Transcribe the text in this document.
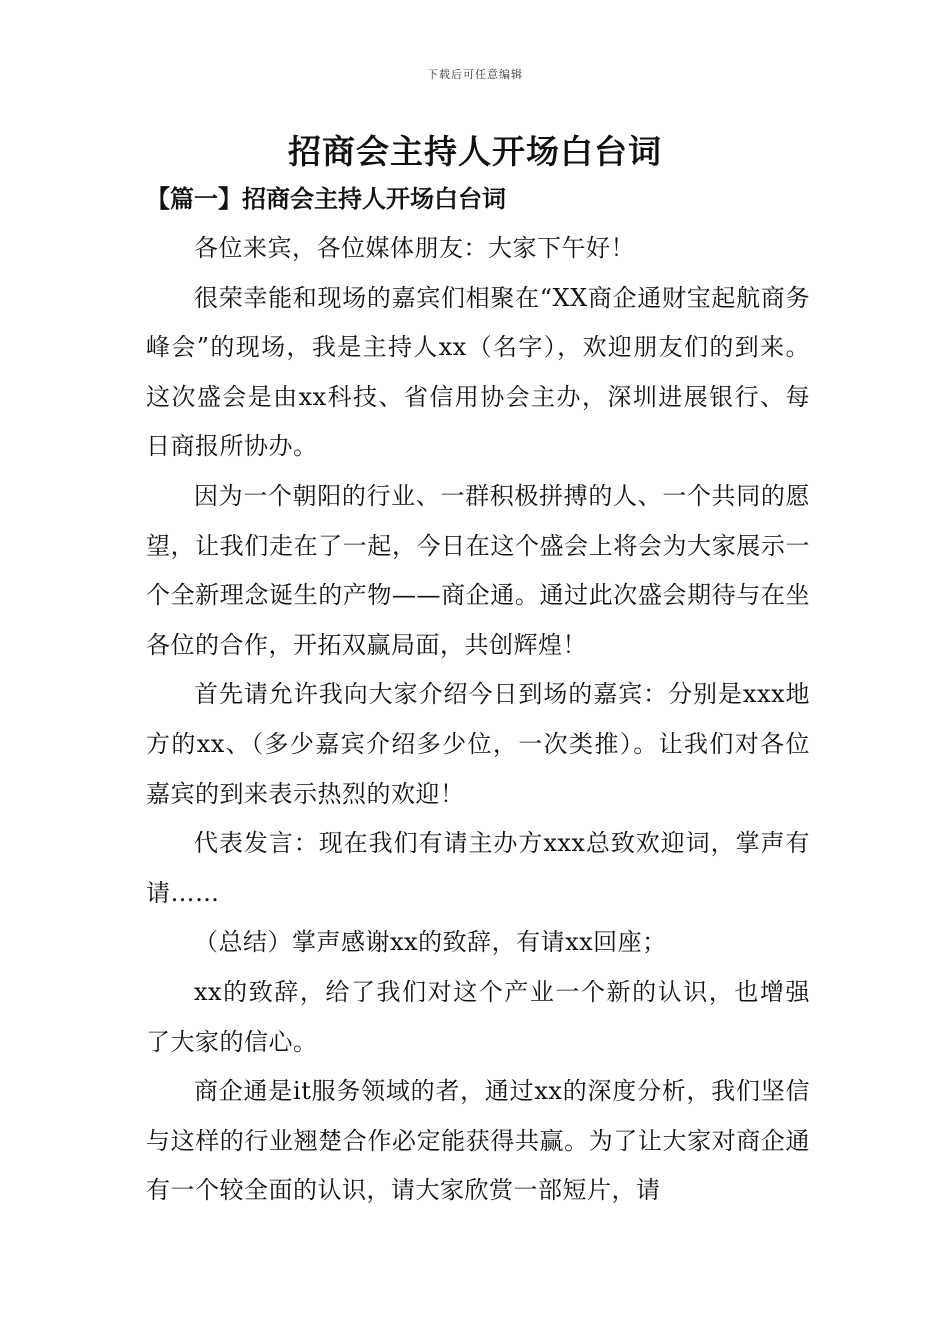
下载后可任意编辑
招商会主持人开场白台词
【篇一】招商会主持人开场白台词

各位来宾，各位媒体朋友：大家下午好！

很荣幸能和现场的嘉宾们相聚在“XX商企通财宝起航商务峰会”的现场，我是主持人xx（名字），欢迎朋友们的到来。这次盛会是由xx科技、省信用协会主办，深圳进展银行、每日商报所协办。

因为一个朝阳的行业、一群积极拼搏的人、一个共同的愿望，让我们走在了一起，今日在这个盛会上将会为大家展示一个全新理念诞生的产物——商企通。通过此次盛会期待与在坐各位的合作，开拓双赢局面，共创辉煌！

首先请允许我向大家介绍今日到场的嘉宾：分别是xxx地方的xx、（多少嘉宾介绍多少位，一次类推）。让我们对各位嘉宾的到来表示热烈的欢迎！

代表发言：现在我们有请主办方xxx总致欢迎词，掌声有请……

（总结）掌声感谢xx的致辞，有请xx回座；

xx的致辞，给了我们对这个产业一个新的认识，也增强了大家的信心。

商企通是it服务领域的者，通过xx的深度分析，我们坚信与这样的行业翘楚合作必定能获得共赢。为了让大家对商企通有一个较全面的认识，请大家欣赏一部短片，请
